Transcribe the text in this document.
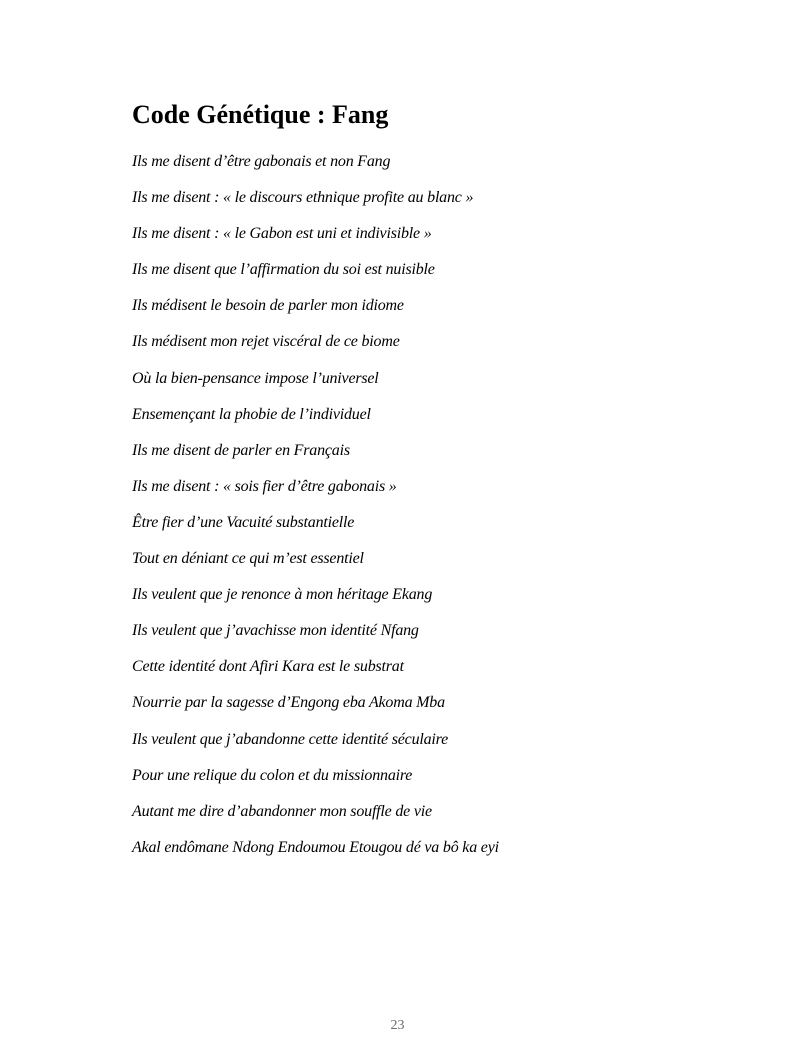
Code Génétique : Fang
Ils me disent d’être gabonais et non Fang
Ils me disent : « le discours ethnique profite au blanc »
Ils me disent : « le Gabon est uni et indivisible »
Ils me disent que l’affirmation du soi est nuisible
Ils médisent le besoin de parler mon idiome
Ils médisent mon rejet viscéral de ce biome
Où la bien-pensance impose l’universel
Ensemençant la phobie de l’individuel
Ils me disent de parler en Français
Ils me disent : « sois fier d’être gabonais »
Être fier d’une Vacuité substantielle
Tout en déniant ce qui m’est essentiel
Ils veulent que je renonce à mon héritage Ekang
Ils veulent que j’avachisse mon identité Nfang
Cette identité dont Afiri Kara est le substrat
Nourrie par la sagesse d’Engong eba Akoma Mba
Ils veulent que j’abandonne cette identité séculaire
Pour une relique du colon et du missionnaire
Autant me dire d’abandonner mon souffle de vie
Akal endômane Ndong Endoumou Etougou dé va bô ka eyi
23
